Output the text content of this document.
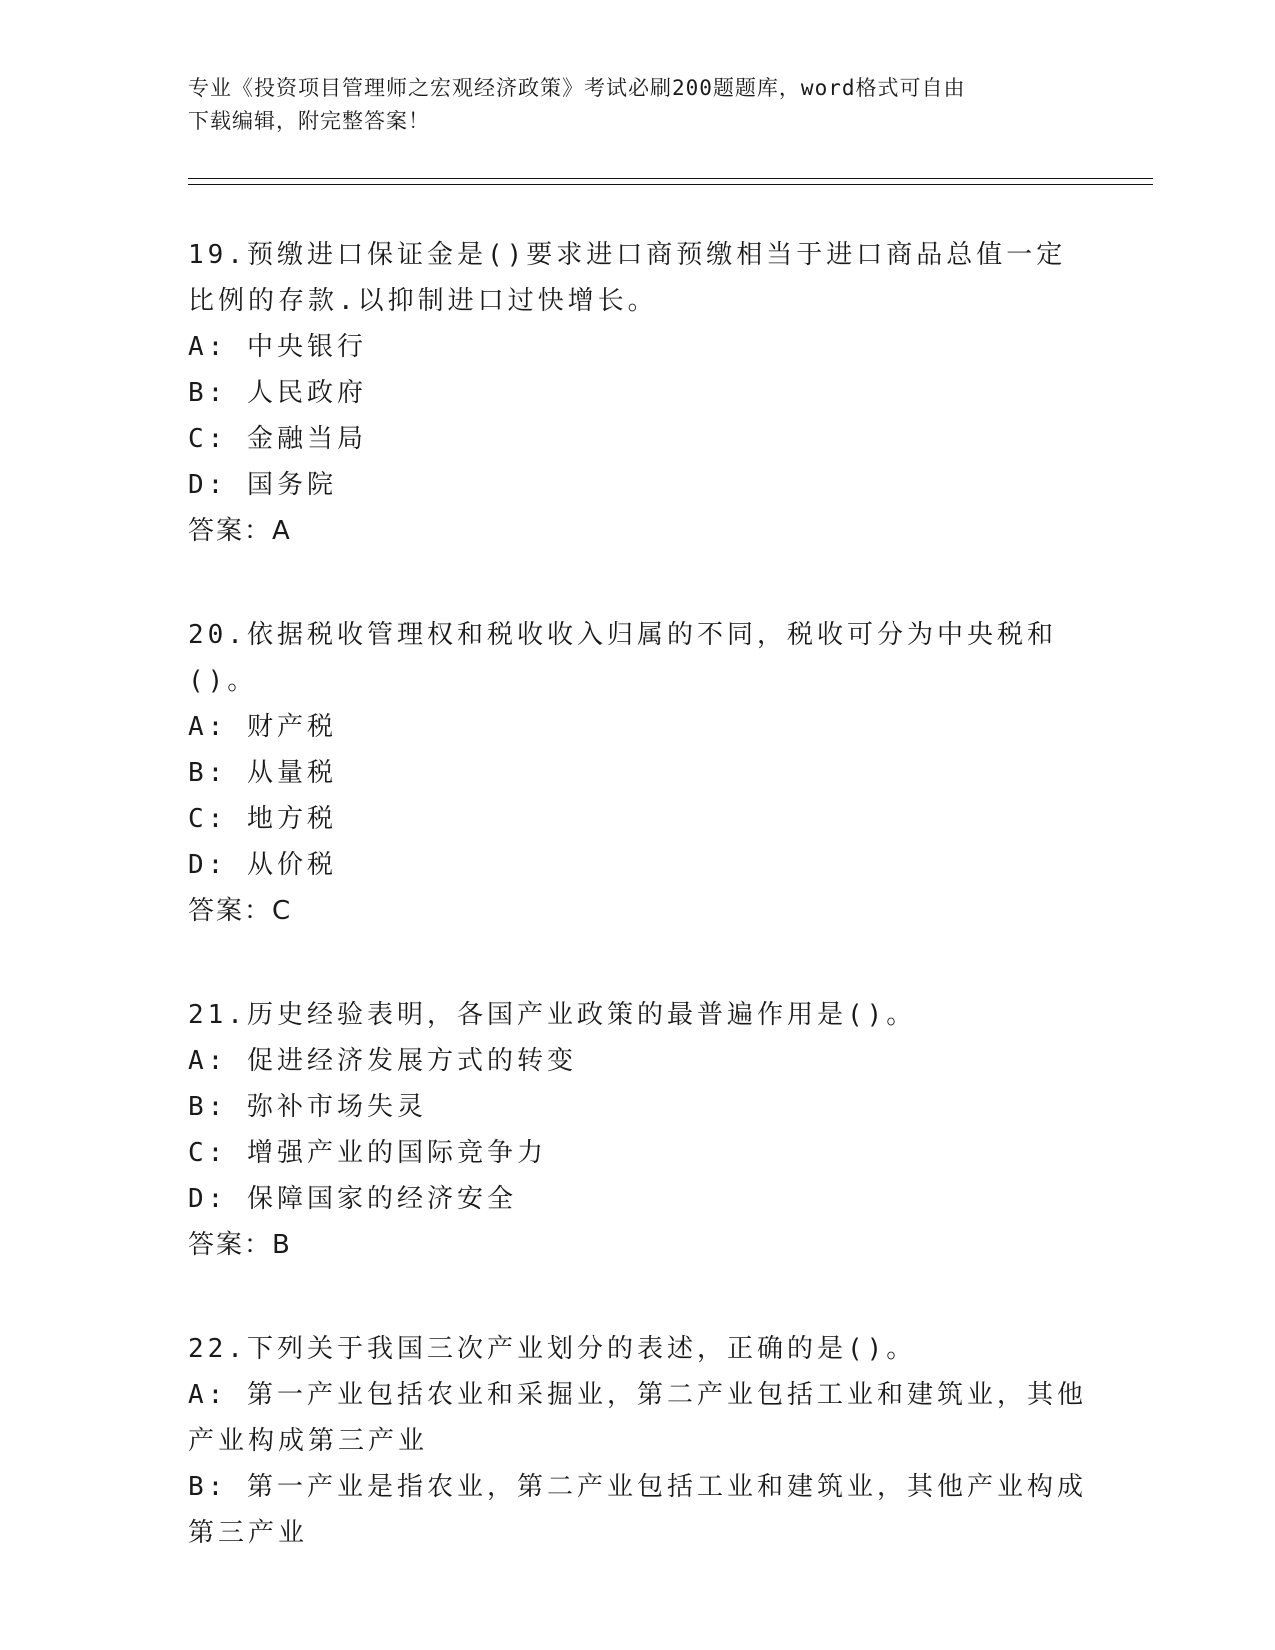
专业《投资项目管理师之宏观经济政策》考试必刷200题题库，word格式可自由
下载编辑，附完整答案！

19.预缴进口保证金是()要求进口商预缴相当于进口商品总值一定比例的存款.以抑制进口过快增长。

A: 中央银行

B: 人民政府

C: 金融当局

D: 国务院

答案：A

20.依据税收管理权和税收收入归属的不同，税收可分为中央税和()。

A: 财产税

B: 从量税

C: 地方税

D: 从价税

答案：C

21.历史经验表明，各国产业政策的最普遍作用是()。

A: 促进经济发展方式的转变

B: 弥补市场失灵

C: 增强产业的国际竞争力

D: 保障国家的经济安全

答案：B

22.下列关于我国三次产业划分的表述，正确的是()。

A: 第一产业包括农业和采掘业，第二产业包括工业和建筑业，其他产业构成第三产业

B: 第一产业是指农业，第二产业包括工业和建筑业，其他产业构成第三产业
